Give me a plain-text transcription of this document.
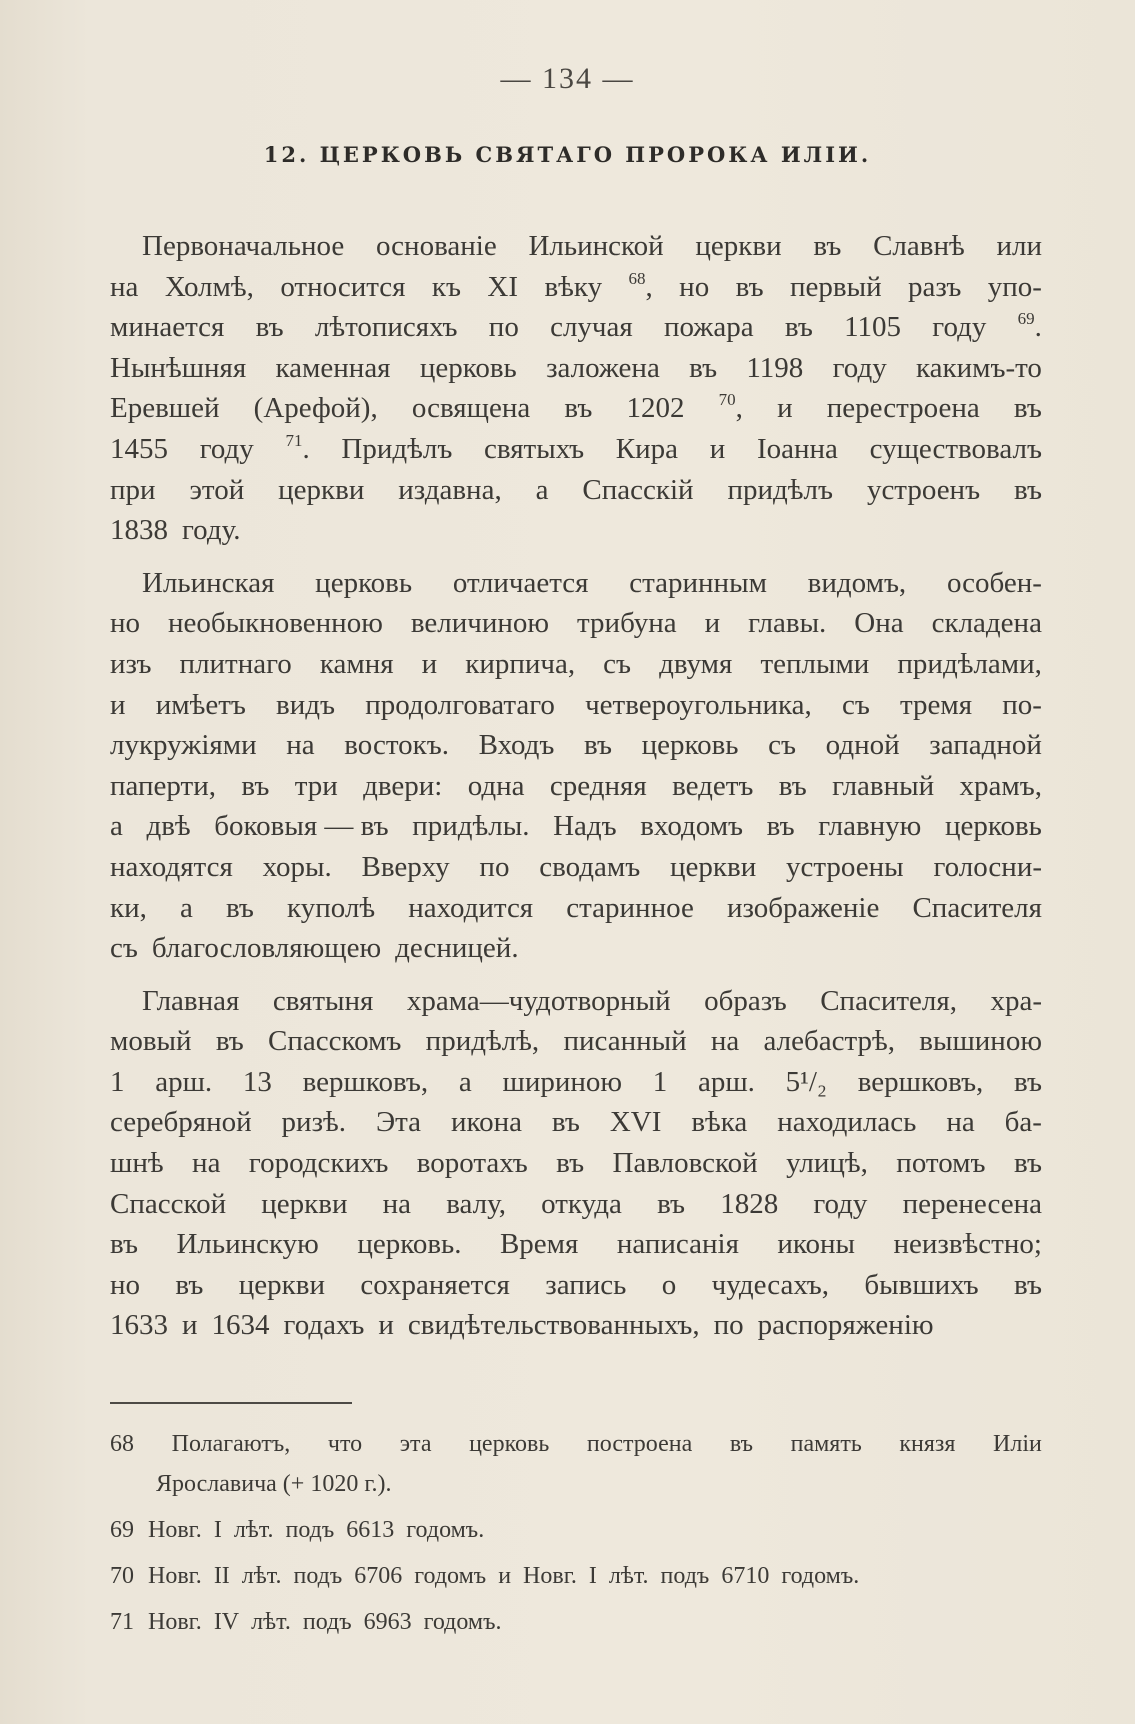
— 134 —
12. ЦЕРКОВЬ СВЯТАГО ПРОРОКА ИЛІИ.
Первоначальное основаніе Ильинской церкви въ Славнѣ или
на Холмѣ, относится къ XI вѣку $^{68}$, но въ первый разъ упо-
минается въ лѣтописяхъ по случая пожара въ 1105 году $^{69}$.
Нынѣшняя каменная церковь заложена въ 1198 году какимъ-то
Еревшей (Арефой), освящена въ 1202 $^{70}$, и перестроена въ
1455 году $^{71}$. Придѣлъ святыхъ Кира и Іоанна существовалъ
при этой церкви издавна, а Спасскій придѣлъ устроенъ въ
1838 году.
Ильинская церковь отличается старинным видомъ, особен-
но необыкновенною величиною трибуна и главы. Она складена
изъ плитнаго камня и кирпича, съ двумя теплыми придѣлами,
и имѣетъ видъ продолговатаго четвероугольника, съ тремя по-
лукружіями на востокъ. Входъ въ церковь съ одной западной
паперти, въ три двери: одна средняя ведетъ въ главный храмъ,
а двѣ боковыя — въ придѣлы. Надъ входомъ въ главную церковь
находятся хоры. Вверху по сводамъ церкви устроены голосни-
ки, а въ куполѣ находится старинное изображеніе Спасителя
съ благословляющею десницей.
Главная святыня храма—чудотворный образъ Спасителя, хра-
мовый въ Спасскомъ придѣлѣ, писанный на алебастрѣ, вышиною
1 арш. 13 вершковъ, а шириною 1 арш. 5¹/₂ вершковъ, въ
серебряной ризѣ. Эта икона въ XVI вѣка находилась на ба-
шнѣ на городскихъ воротахъ въ Павловской улицѣ, потомъ въ
Спасской церкви на валу, откуда въ 1828 году перенесена
въ Ильинскую церковь. Время написанія иконы неизвѣстно;
но въ церкви сохраняется запись о чудесахъ, бывшихъ въ
1633 и 1634 годахъ и свидѣтельствованныхъ, по распоряженію
68 Полагаютъ, что эта церковь построена въ память князя Иліи
Ярославича (+ 1020 г.).
69 Новг. I лѣт. подъ 6613 годомъ.
70 Новг. II лѣт. подъ 6706 годомъ и Новг. I лѣт. подъ 6710 годомъ.
71 Новг. IV лѣт. подъ 6963 годомъ.
